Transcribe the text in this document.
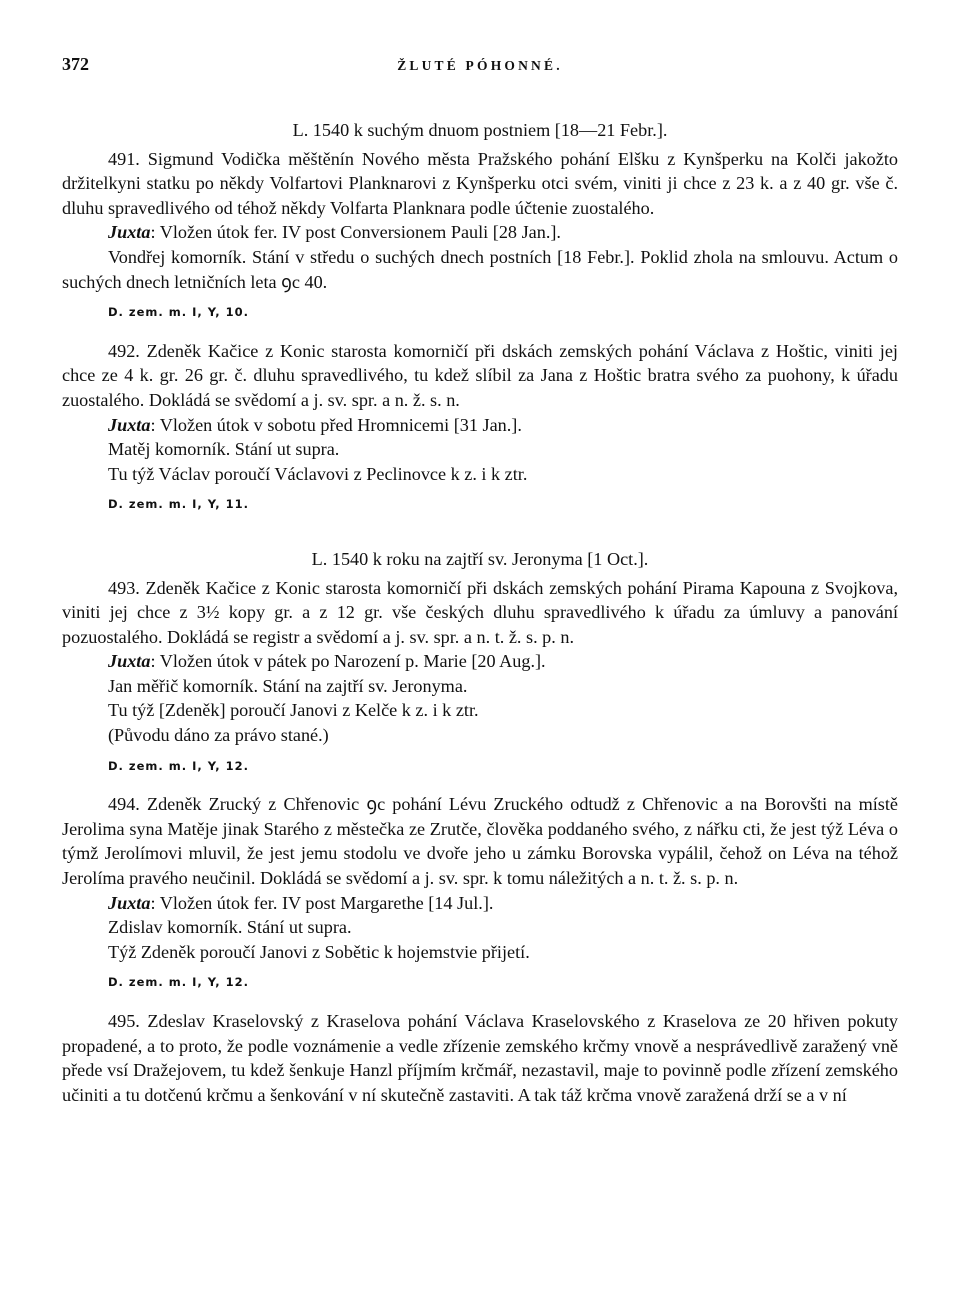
372	ŽLUTÉ PÓHONNÉ.

L. 1540 k suchým dnuom postniem [18—21 Febr.].

491. Sigmund Vodička měštěnín Nového města Pražského pohání Elšku z Kynšperku na Kolči jakožto držitelkyni statku po někdy Volfartovi Planknarovi z Kynšperku otci svém, viniti ji chce z 23 k. a z 40 gr. vše č. dluhu spravedlivého od téhož někdy Volfarta Planknara podle účtenie zuostalého.

Juxta: Vložen útok fer. IV post Conversionem Pauli [28 Jan.].

Vondřej komorník. Stání v středu o suchých dnech postních [18 Febr.]. Poklid zhola na smlouvu. Actum o suchých dnech letničních leta ꝯc 40.

D. zem. m. I, Y, 10.

492. Zdeněk Kačice z Konic starosta komorničí při dskách zemských pohání Václava z Hoštic, viniti jej chce ze 4 k. gr. 26 gr. č. dluhu spravedlivého, tu kdež slíbil za Jana z Hoštic bratra svého za puohony, k úřadu zuostalého. Dokládá se svědomí a j. sv. spr. a n. ž. s. n.

Juxta: Vložen útok v sobotu před Hromnicemi [31 Jan.].

Matěj komorník. Stání ut supra.

Tu týž Václav poroučí Václavovi z Peclinovce k z. i k ztr.

D. zem. m. I, Y, 11.

L. 1540 k roku na zajtří sv. Jeronyma [1 Oct.].

493. Zdeněk Kačice z Konic starosta komorničí při dskách zemských pohání Pirama Kapouna z Svojkova, viniti jej chce z 3½ kopy gr. a z 12 gr. vše českých dluhu spravedlivého k úřadu za úmluvy a panování pozuostalého. Dokládá se registr a svědomí a j. sv. spr. a n. t. ž. s. p. n.

Juxta: Vložen útok v pátek po Narození p. Marie [20 Aug.].

Jan měřič komorník. Stání na zajtří sv. Jeronyma.

Tu týž [Zdeněk] poroučí Janovi z Kelče k z. i k ztr.

(Původu dáno za právo stané.)

D. zem. m. I, Y, 12.

494. Zdeněk Zrucký z Chřenovic ꝯc pohání Lévu Zruckého odtudž z Chřenovic a na Borovšti na místě Jerolima syna Matěje jinak Starého z městečka ze Zrutče, člověka poddaného svého, z nářku cti, že jest týž Léva o týmž Jerolímovi mluvil, že jest jemu stodolu ve dvoře jeho u zámku Borovska vypálil, čehož on Léva na téhož Jerolíma pravého neučinil. Dokládá se svědomí a j. sv. spr. k tomu náležitých a n. t. ž. s. p. n.

Juxta: Vložen útok fer. IV post Margarethe [14 Jul.].

Zdislav komorník. Stání ut supra.

Týž Zdeněk poroučí Janovi z Sobětic k hojemstvie přijetí.

D. zem. m. I, Y, 12.

495. Zdeslav Kraselovský z Kraselova pohání Václava Kraselovského z Kraselova ze 20 hřiven pokuty propadené, a to proto, že podle voznámenie a vedle zřízenie zemského krčmy vnově a nesprávedlivě zaražený vně přede vsí Dražejovem, tu kdež šenkuje Hanzl příjmím krčmář, nezastavil, maje to povinně podle zřízení zemského učiniti a tu dotčenú krčmu a šenkování v ní skutečně zastaviti. A tak táž krčma vnově zaražená drží se a v ní
